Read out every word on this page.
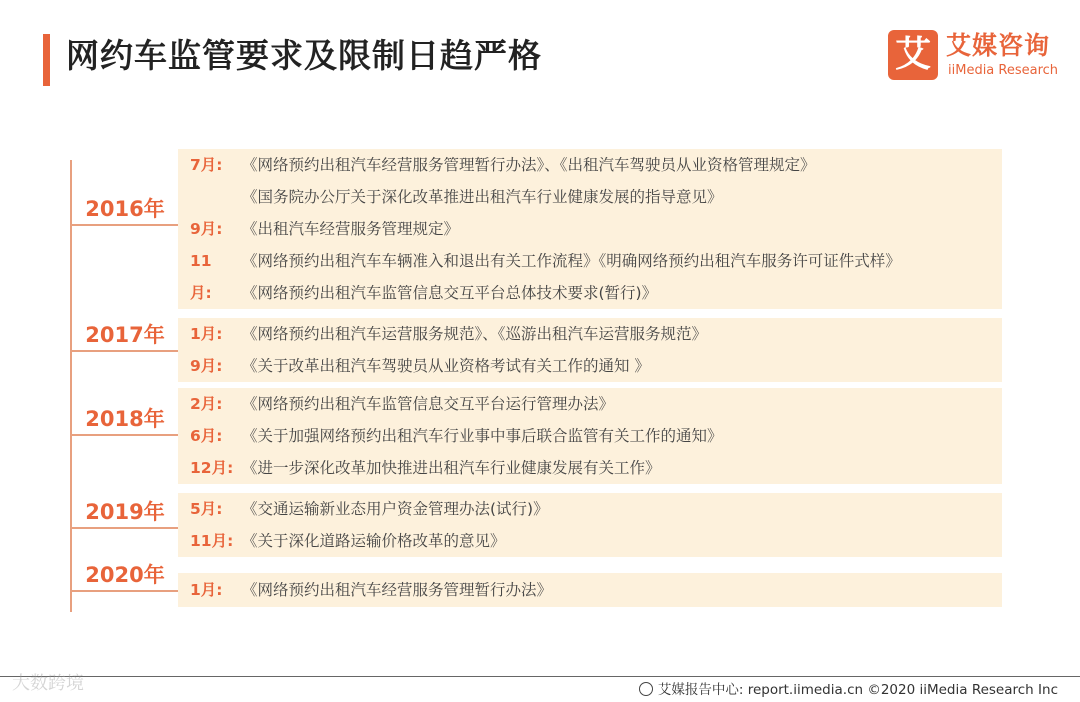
网约车监管要求及限制日趋严格	艾 艾媒咨询
iiMedia Research
2016年
7月: 《网络预约出租汽车经营服务管理暂行办法》、《出租汽车驾驶员从业资格管理规定》
《国务院办公厅关于深化改革推进出租汽车行业健康发展的指导意见》
9月: 《出租汽车经营服务管理规定》
11 《网络预约出租汽车车辆准入和退出有关工作流程》《明确网络预约出租汽车服务许可证件式样》
月: 《网络预约出租汽车监管信息交互平台总体技术要求(暂行)》
2017年	1月: 《网络预约出租汽车运营服务规范》、《巡游出租汽车运营服务规范》
9月: 《关于改革出租汽车驾驶员从业资格考试有关工作的通知 》
2018年
2月: 《网络预约出租汽车监管信息交互平台运行管理办法》
6月: 《关于加强网络预约出租汽车行业事中事后联合监管有关工作的通知》
12月: 《进一步深化改革加快推进出租汽车行业健康发展有关工作》
2019年	5月: 《交通运输新业态用户资金管理办法(试行)》
11月: 《关于深化道路运输价格改革的意见》
2020年
1月: 《网络预约出租汽车经营服务管理暂行办法》
大数跨境	艾媒报告中心: report.iimedia.cn ©2020 iiMedia Research Inc
